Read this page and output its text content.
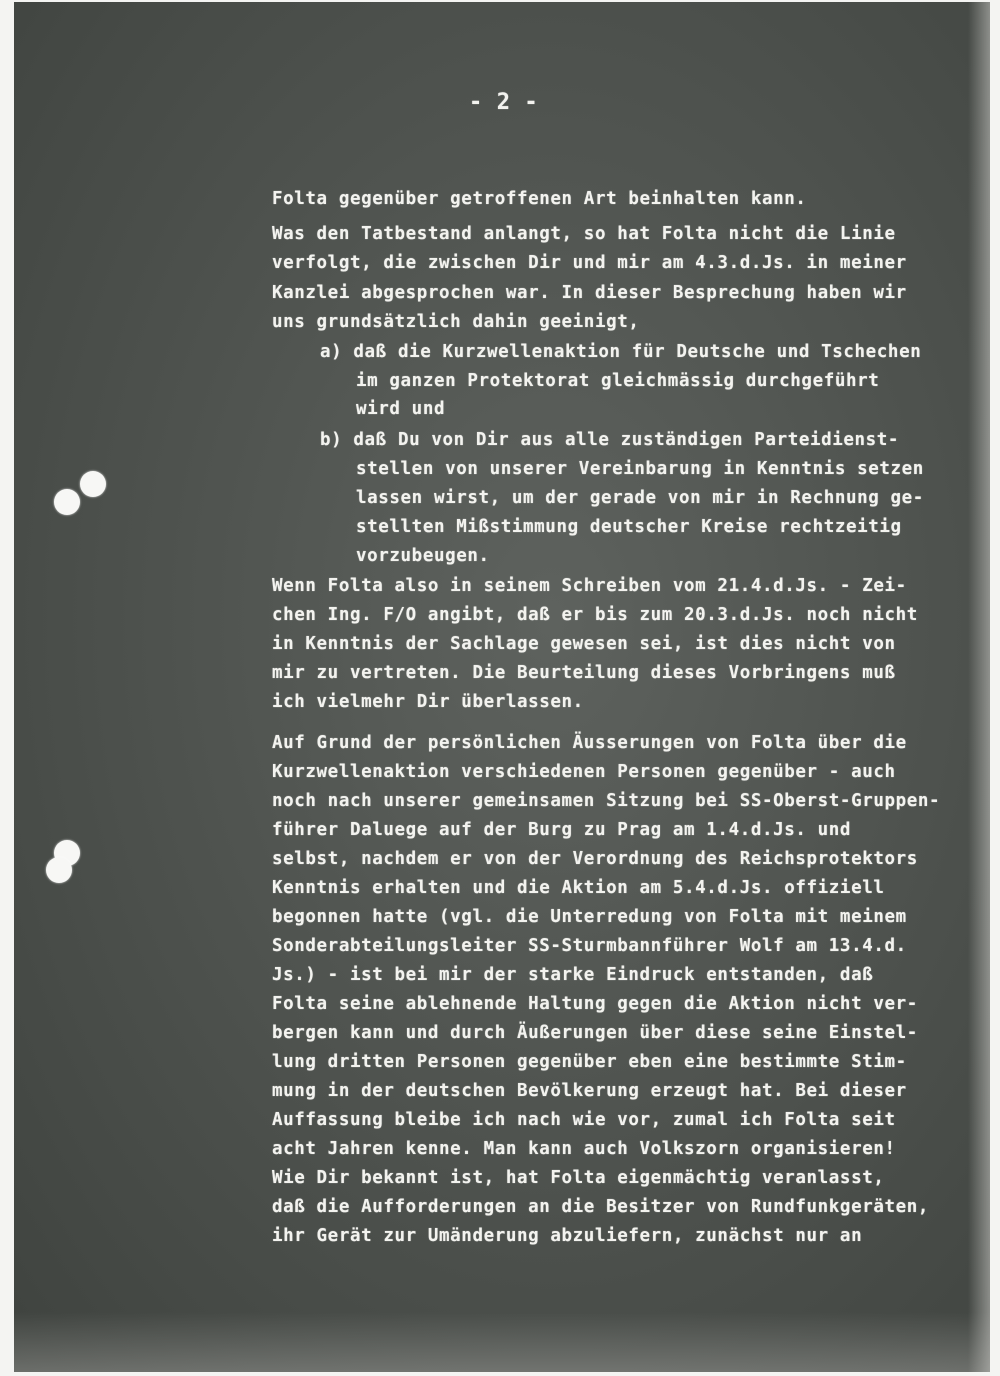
- 2 -
Folta gegenüber getroffenen Art beinhalten kann.
Was den Tatbestand anlangt, so hat Folta nicht die Linie
verfolgt, die zwischen Dir und mir am 4.3.d.Js. in meiner
Kanzlei abgesprochen war. In dieser Besprechung haben wir
uns grundsätzlich dahin geeinigt,
a) daß die Kurzwellenaktion für Deutsche und Tschechen
im ganzen Protektorat gleichmässig durchgeführt
wird und
b) daß Du von Dir aus alle zuständigen Parteidienst-
stellen von unserer Vereinbarung in Kenntnis setzen
lassen wirst, um der gerade von mir in Rechnung ge-
stellten Mißstimmung deutscher Kreise rechtzeitig
vorzubeugen.
Wenn Folta also in seinem Schreiben vom 21.4.d.Js. - Zei-
chen Ing. F/O angibt, daß er bis zum 20.3.d.Js. noch nicht
in Kenntnis der Sachlage gewesen sei, ist dies nicht von
mir zu vertreten. Die Beurteilung dieses Vorbringens muß
ich vielmehr Dir überlassen.
Auf Grund der persönlichen Äusserungen von Folta über die
Kurzwellenaktion verschiedenen Personen gegenüber - auch
noch nach unserer gemeinsamen Sitzung bei SS-Oberst-Gruppen-
führer Daluege auf der Burg zu Prag am 1.4.d.Js. und
selbst, nachdem er von der Verordnung des Reichsprotektors
Kenntnis erhalten und die Aktion am 5.4.d.Js. offiziell
begonnen hatte (vgl. die Unterredung von Folta mit meinem
Sonderabteilungsleiter SS-Sturmbannführer Wolf am 13.4.d.
Js.) - ist bei mir der starke Eindruck entstanden, daß
Folta seine ablehnende Haltung gegen die Aktion nicht ver-
bergen kann und durch Äußerungen über diese seine Einstel-
lung dritten Personen gegenüber eben eine bestimmte Stim-
mung in der deutschen Bevölkerung erzeugt hat. Bei dieser
Auffassung bleibe ich nach wie vor, zumal ich Folta seit
acht Jahren kenne. Man kann auch Volkszorn organisieren!
Wie Dir bekannt ist, hat Folta eigenmächtig veranlasst,
daß die Aufforderungen an die Besitzer von Rundfunkgeräten,
ihr Gerät zur Umänderung abzuliefern, zunächst nur an
